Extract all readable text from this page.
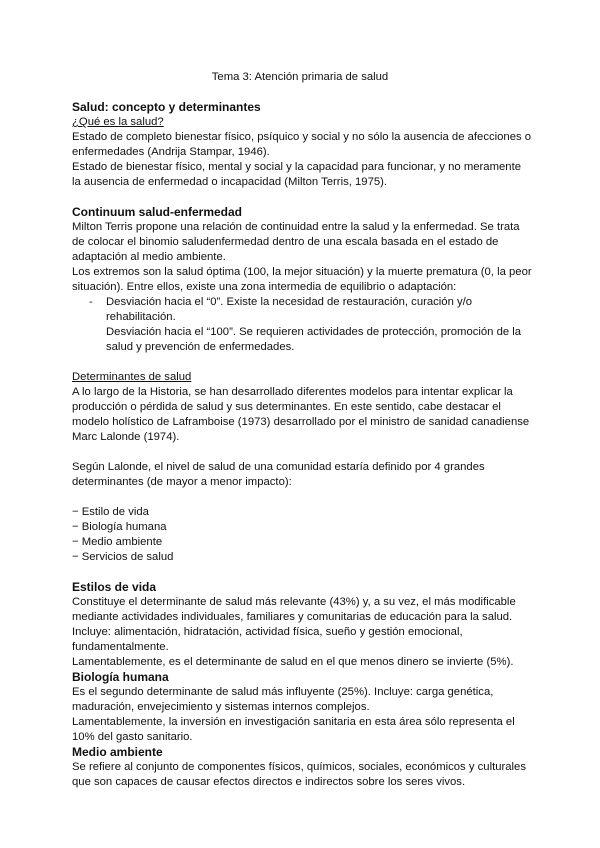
Tema 3: Atención primaria de salud

Salud: concepto y determinantes

¿Qué es la salud?

Estado de completo bienestar físico, psíquico y social y no sólo la ausencia de afecciones o enfermedades (Andrija Stampar, 1946).

Estado de bienestar físico, mental y social y la capacidad para funcionar, y no meramente la ausencia de enfermedad o incapacidad (Milton Terris, 1975).

Continuum salud-enfermedad

Milton Terris propone una relación de continuidad entre la salud y la enfermedad. Se trata de colocar el binomio saludenfermedad dentro de una escala basada en el estado de adaptación al medio ambiente.

Los extremos son la salud óptima (100, la mejor situación) y la muerte prematura (0, la peor situación). Entre ellos, existe una zona intermedia de equilibrio o adaptación:

- Desviación hacia el “0”. Existe la necesidad de restauración, curación y/o rehabilitación.
Desviación hacia el “100”. Se requieren actividades de protección, promoción de la salud y prevención de enfermedades.

Determinantes de salud

A lo largo de la Historia, se han desarrollado diferentes modelos para intentar explicar la producción o pérdida de salud y sus determinantes. En este sentido, cabe destacar el modelo holístico de Laframboise (1973) desarrollado por el ministro de sanidad canadiense Marc Lalonde (1974).

Según Lalonde, el nivel de salud de una comunidad estaría definido por 4 grandes determinantes (de mayor a menor impacto):

− Estilo de vida

− Biología humana

− Medio ambiente

− Servicios de salud

Estilos de vida

Constituye el determinante de salud más relevante (43%) y, a su vez, el más modificable mediante actividades individuales, familiares y comunitarias de educación para la salud.

Incluye: alimentación, hidratación, actividad física, sueño y gestión emocional, fundamentalmente.

Lamentablemente, es el determinante de salud en el que menos dinero se invierte (5%).

Biología humana

Es el segundo determinante de salud más influyente (25%). Incluye: carga genética, maduración, envejecimiento y sistemas internos complejos.

Lamentablemente, la inversión en investigación sanitaria en esta área sólo representa el 10% del gasto sanitario.

Medio ambiente

Se refiere al conjunto de componentes físicos, químicos, sociales, económicos y culturales que son capaces de causar efectos directos e indirectos sobre los seres vivos.
